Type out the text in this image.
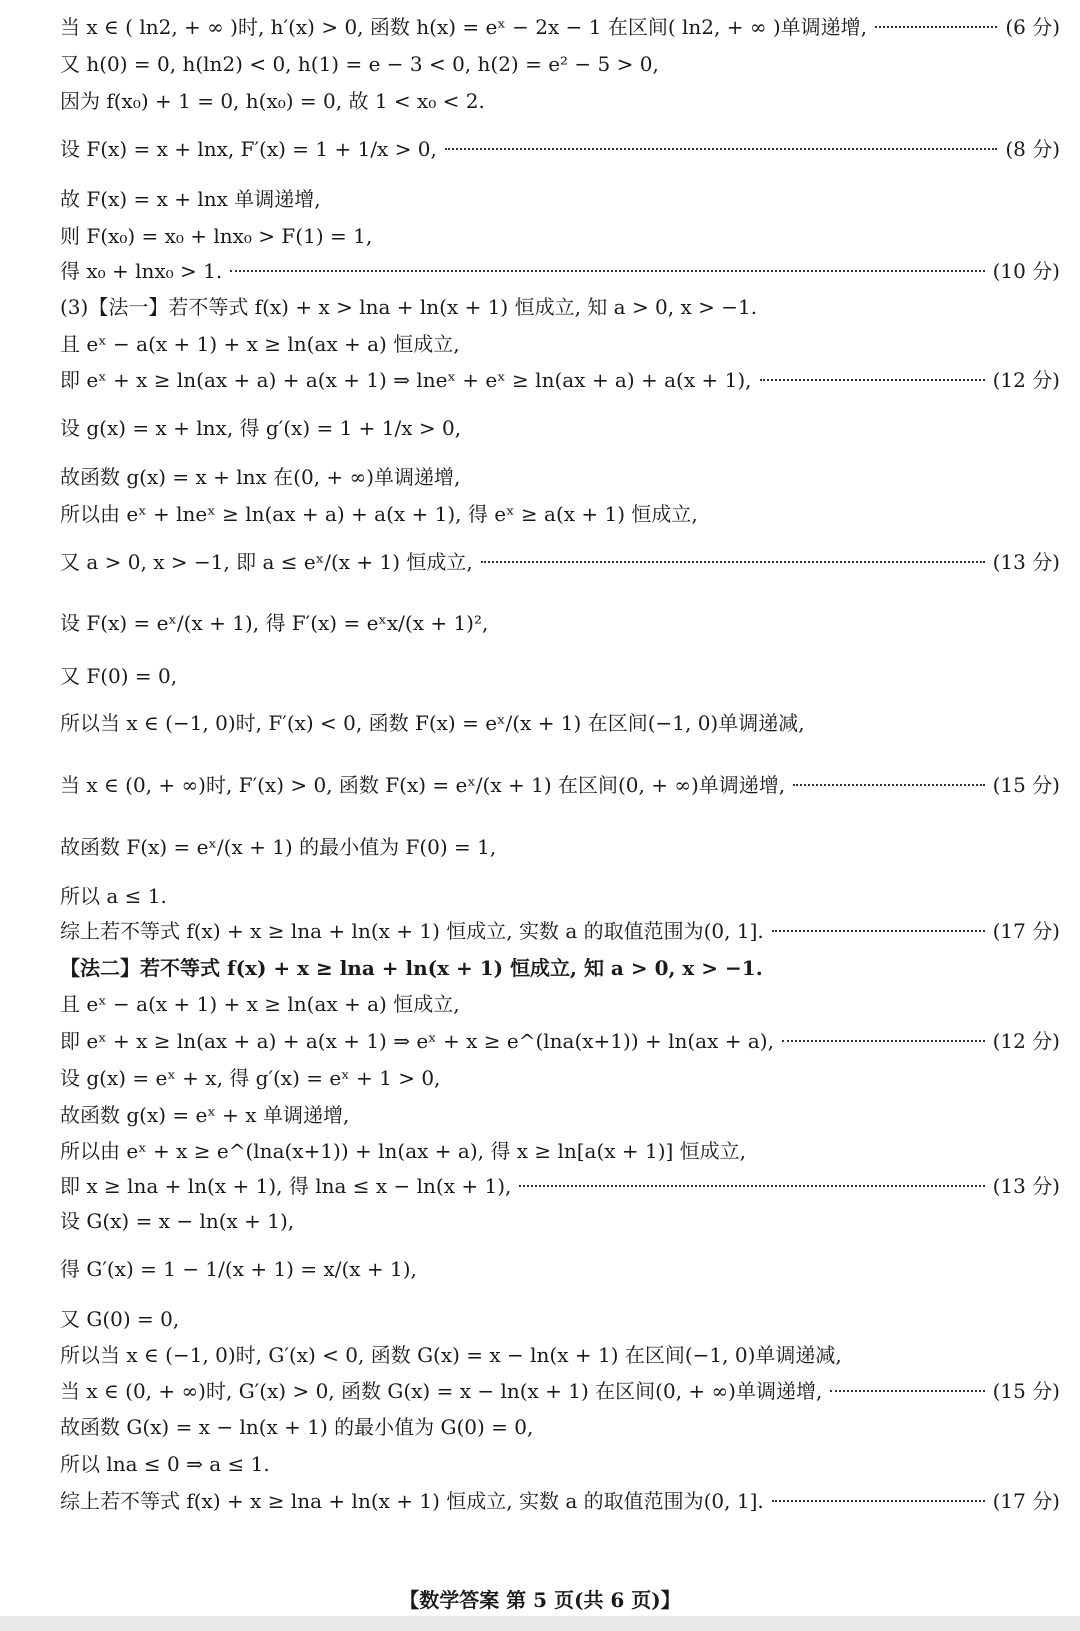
当 x ∈ ( ln2, + ∞ )时, h′(x) > 0, 函数 h(x) = eˣ − 2x − 1 在区间( ln2, + ∞ )单调递增,	(6 分)
又 h(0) = 0, h(ln2) < 0, h(1) = e − 3 < 0, h(2) = e² − 5 > 0,
因为 f(x₀) + 1 = 0, h(x₀) = 0, 故 1 < x₀ < 2.
设 F(x) = x + lnx, F′(x) = 1 + 1/x > 0,	(8 分)
故 F(x) = x + lnx 单调递增,
则 F(x₀) = x₀ + lnx₀ > F(1) = 1,
得 x₀ + lnx₀ > 1.	(10 分)
(3)【法一】若不等式 f(x) + x > lna + ln(x + 1) 恒成立, 知 a > 0, x > −1.
且 eˣ − a(x + 1) + x ≥ ln(ax + a) 恒成立,
即 eˣ + x ≥ ln(ax + a) + a(x + 1) ⇒ lneˣ + eˣ ≥ ln(ax + a) + a(x + 1),	(12 分)
设 g(x) = x + lnx, 得 g′(x) = 1 + 1/x > 0,
故函数 g(x) = x + lnx 在(0, + ∞)单调递增,
所以由 eˣ + lneˣ ≥ ln(ax + a) + a(x + 1), 得 eˣ ≥ a(x + 1) 恒成立,
又 a > 0, x > −1, 即 a ≤ eˣ/(x + 1) 恒成立,	(13 分)
设 F(x) = eˣ/(x + 1), 得 F′(x) = eˣx/(x + 1)²,
又 F(0) = 0,
所以当 x ∈ (−1, 0)时, F′(x) < 0, 函数 F(x) = eˣ/(x + 1) 在区间(−1, 0)单调递减,
当 x ∈ (0, + ∞)时, F′(x) > 0, 函数 F(x) = eˣ/(x + 1) 在区间(0, + ∞)单调递增,	(15 分)
故函数 F(x) = eˣ/(x + 1) 的最小值为 F(0) = 1,
所以 a ≤ 1.
综上若不等式 f(x) + x ≥ lna + ln(x + 1) 恒成立, 实数 a 的取值范围为(0, 1].	(17 分)
【法二】若不等式 f(x) + x ≥ lna + ln(x + 1) 恒成立, 知 a > 0, x > −1.
且 eˣ − a(x + 1) + x ≥ ln(ax + a) 恒成立,
即 eˣ + x ≥ ln(ax + a) + a(x + 1) ⇒ eˣ + x ≥ e^(lna(x+1)) + ln(ax + a),	(12 分)
设 g(x) = eˣ + x, 得 g′(x) = eˣ + 1 > 0,
故函数 g(x) = eˣ + x 单调递增,
所以由 eˣ + x ≥ e^(lna(x+1)) + ln(ax + a), 得 x ≥ ln[a(x + 1)] 恒成立,
即 x ≥ lna + ln(x + 1), 得 lna ≤ x − ln(x + 1),	(13 分)
设 G(x) = x − ln(x + 1),
得 G′(x) = 1 − 1/(x + 1) = x/(x + 1),
又 G(0) = 0,
所以当 x ∈ (−1, 0)时, G′(x) < 0, 函数 G(x) = x − ln(x + 1) 在区间(−1, 0)单调递减,
当 x ∈ (0, + ∞)时, G′(x) > 0, 函数 G(x) = x − ln(x + 1) 在区间(0, + ∞)单调递增,	(15 分)
故函数 G(x) = x − ln(x + 1) 的最小值为 G(0) = 0,
所以 lna ≤ 0 ⇒ a ≤ 1.
综上若不等式 f(x) + x ≥ lna + ln(x + 1) 恒成立, 实数 a 的取值范围为(0, 1].	(17 分)
【数学答案 第 5 页(共 6 页)】
